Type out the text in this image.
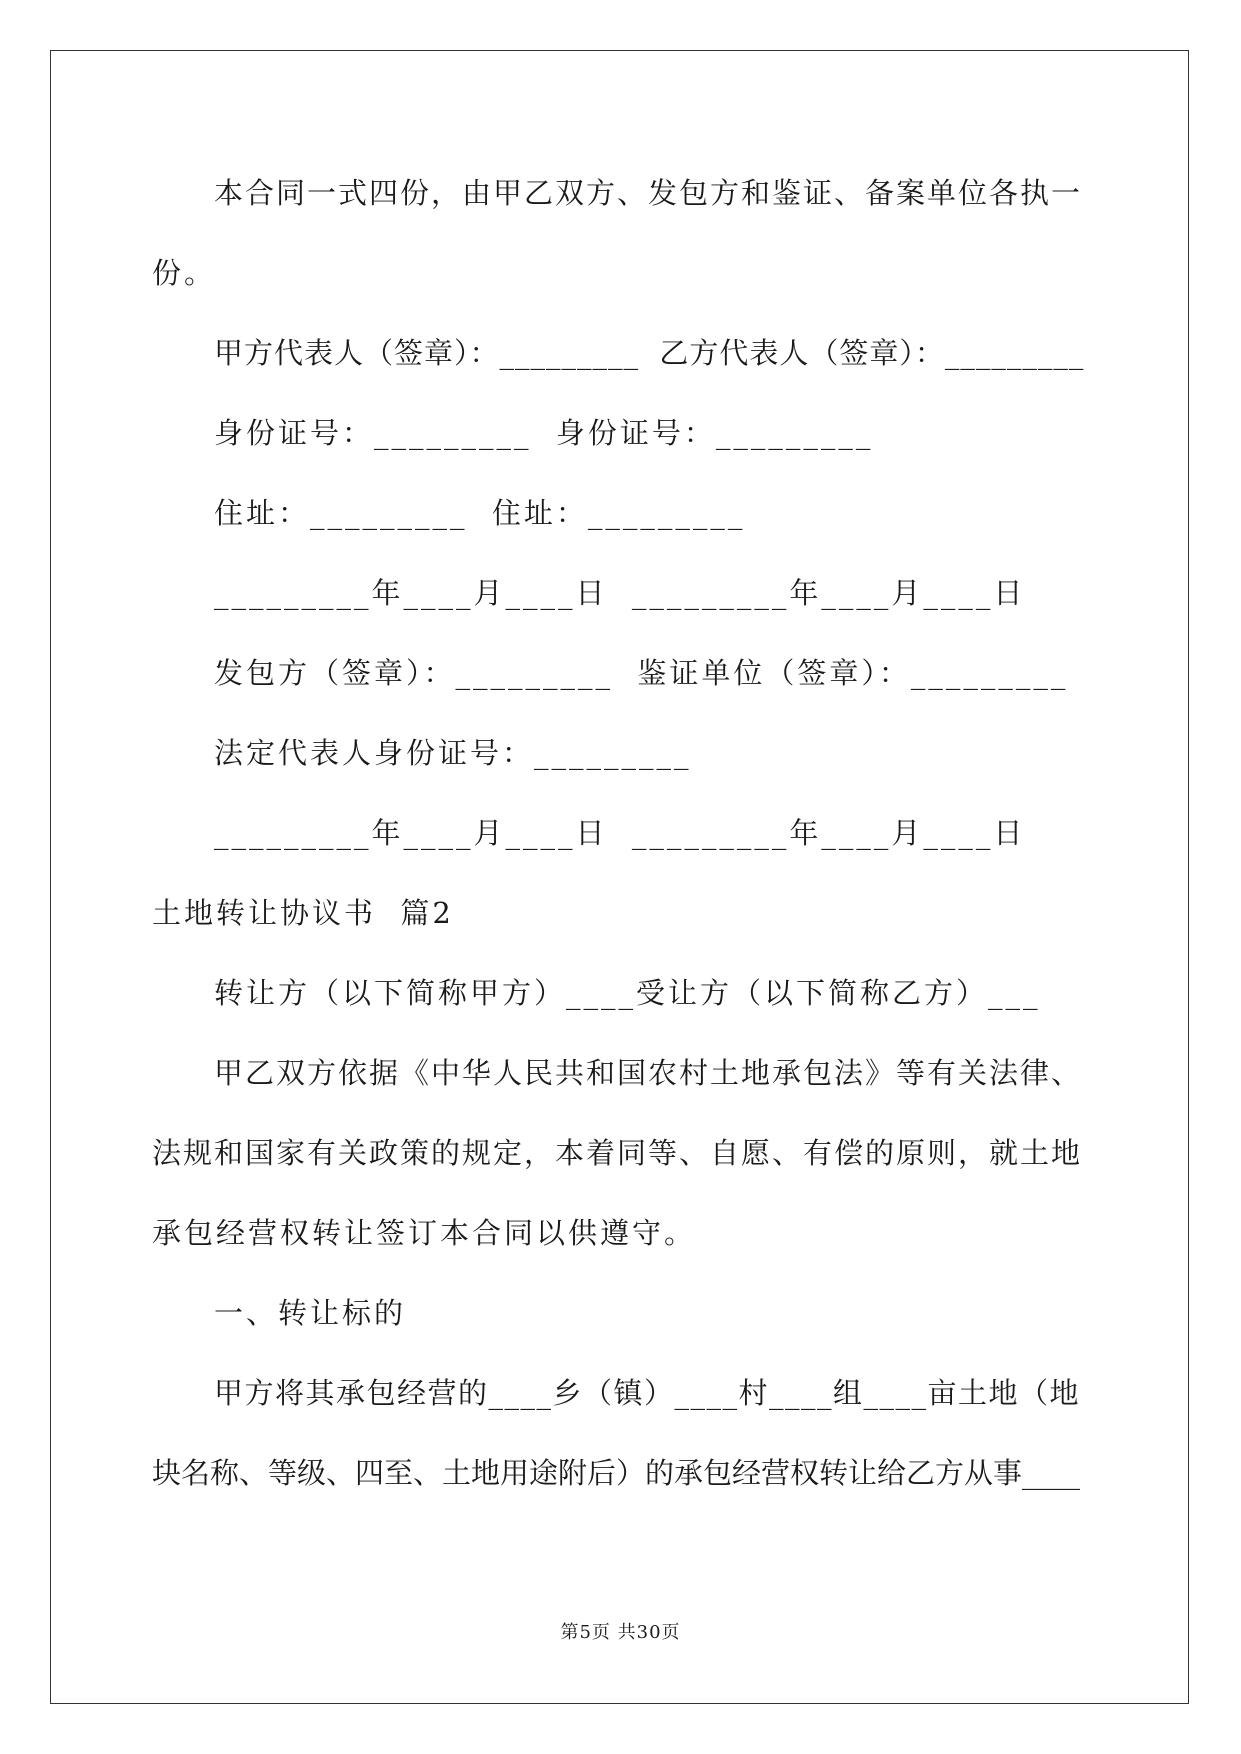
本合同一式四份，由甲乙双方、发包方和鉴证、备案单位各执一
份。
甲方代表人（签章）：_________  乙方代表人（签章）：_________
身份证号：_________  身份证号：_________
住址：_________  住址：_________
_________年____月____日  _________年____月____日
发包方（签章）：_________  鉴证单位（签章）：_________
法定代表人身份证号：_________
_________年____月____日  _________年____月____日
土地转让协议书  篇2
转让方（以下简称甲方）____受让方（以下简称乙方）___
甲乙双方依据《中华人民共和国农村土地承包法》等有关法律、
法规和国家有关政策的规定，本着同等、自愿、有偿的原则，就土地
承包经营权转让签订本合同以供遵守。
一、转让标的
甲方将其承包经营的____乡（镇）____村____组____亩土地（地
块名称、等级、四至、土地用途附后）的承包经营权转让给乙方从事____
第5页 共30页
